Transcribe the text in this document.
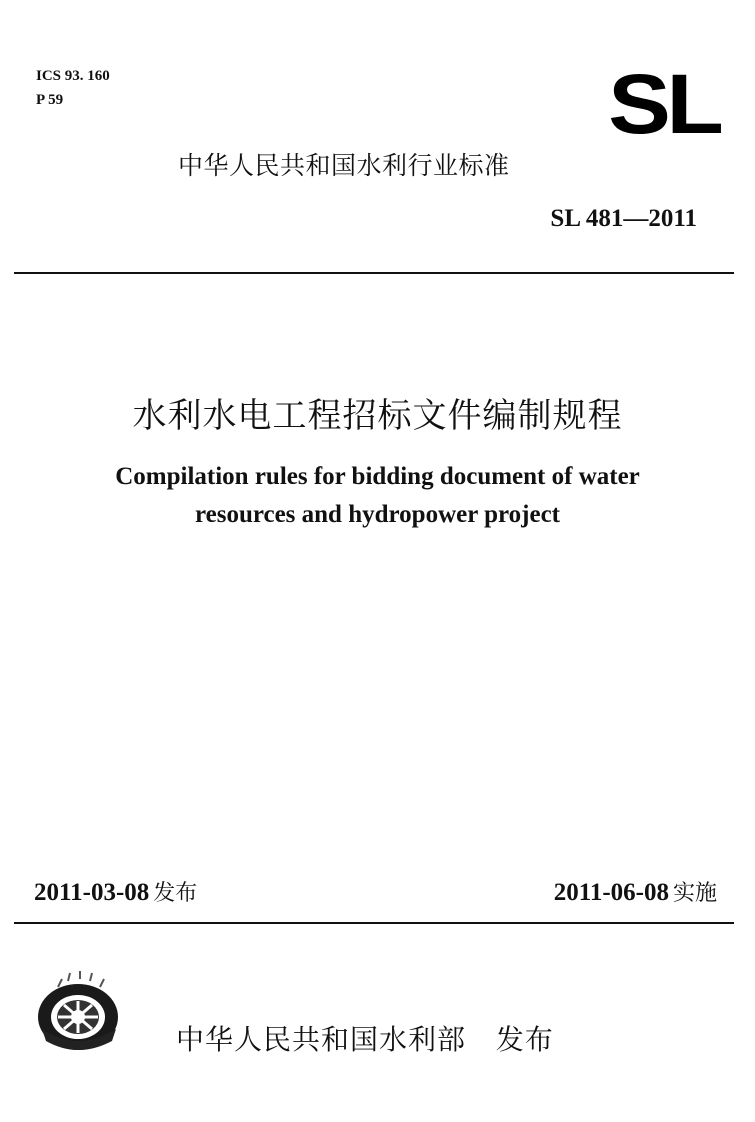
ICS 93. 160
P 59	SL
中华人民共和国水利行业标准
SL 481—2011
水利水电工程招标文件编制规程
Compilation rules for bidding document of water
resources and hydropower project
2011-03-08 发布	2011-06-08 实施
中华人民共和国水利部 发布
